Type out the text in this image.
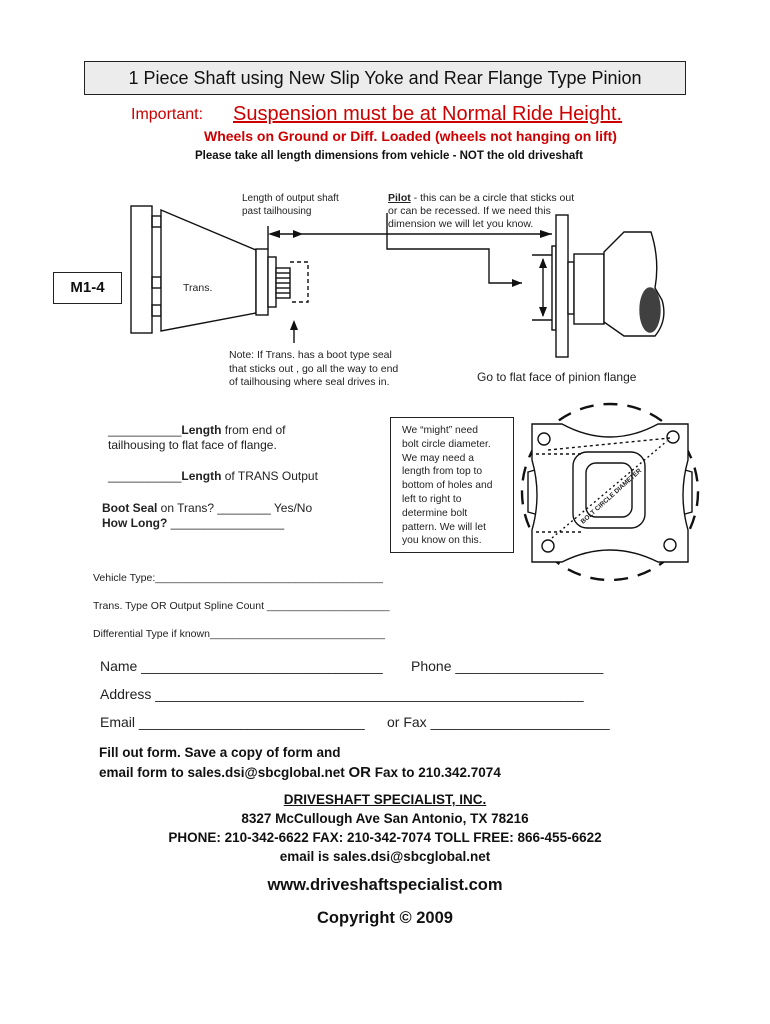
1 Piece Shaft using New Slip Yoke and Rear Flange Type Pinion
Important: Suspension must be at Normal Ride Height.
Wheels on Ground or Diff. Loaded (wheels not hanging on lift)
Please take all length dimensions from vehicle - NOT the old driveshaft
BOLT CIRCLE DIAMETER
Length of output shaft
past tailhousing
Pilot - this can be a circle that sticks out
or can be recessed. If we need this
dimension we will let you know.
M1-4	Trans.
Note: If Trans. has a boot type seal
that sticks out , go all the way to end
of tailhousing where seal drives in.	Go to flat face of pinion flange
___________Length from end of
tailhousing to flat face of flange.
___________Length of TRANS Output
Boot Seal on Trans? ________ Yes/No
How Long? _________________
We “might” need
bolt circle diameter.
We may need a
length from top to
bottom of holes and
left to right to
determine bolt
pattern. We will let
you know on this.
Vehicle Type:_______________________________________
Trans. Type OR Output Spline Count _____________________
Differential Type if known______________________________
Name _______________________________ Phone ___________________
Address _______________________________________________________
Email _____________________________ or Fax _______________________
Fill out form. Save a copy of form and
email form to sales.dsi@sbcglobal.net OR Fax to 210.342.7074
DRIVESHAFT SPECIALIST, INC.
8327 McCullough Ave San Antonio, TX 78216
PHONE: 210-342-6622 FAX: 210-342-7074 TOLL FREE: 866-455-6622
email is sales.dsi@sbcglobal.net
www.driveshaftspecialist.com
Copyright © 2009
